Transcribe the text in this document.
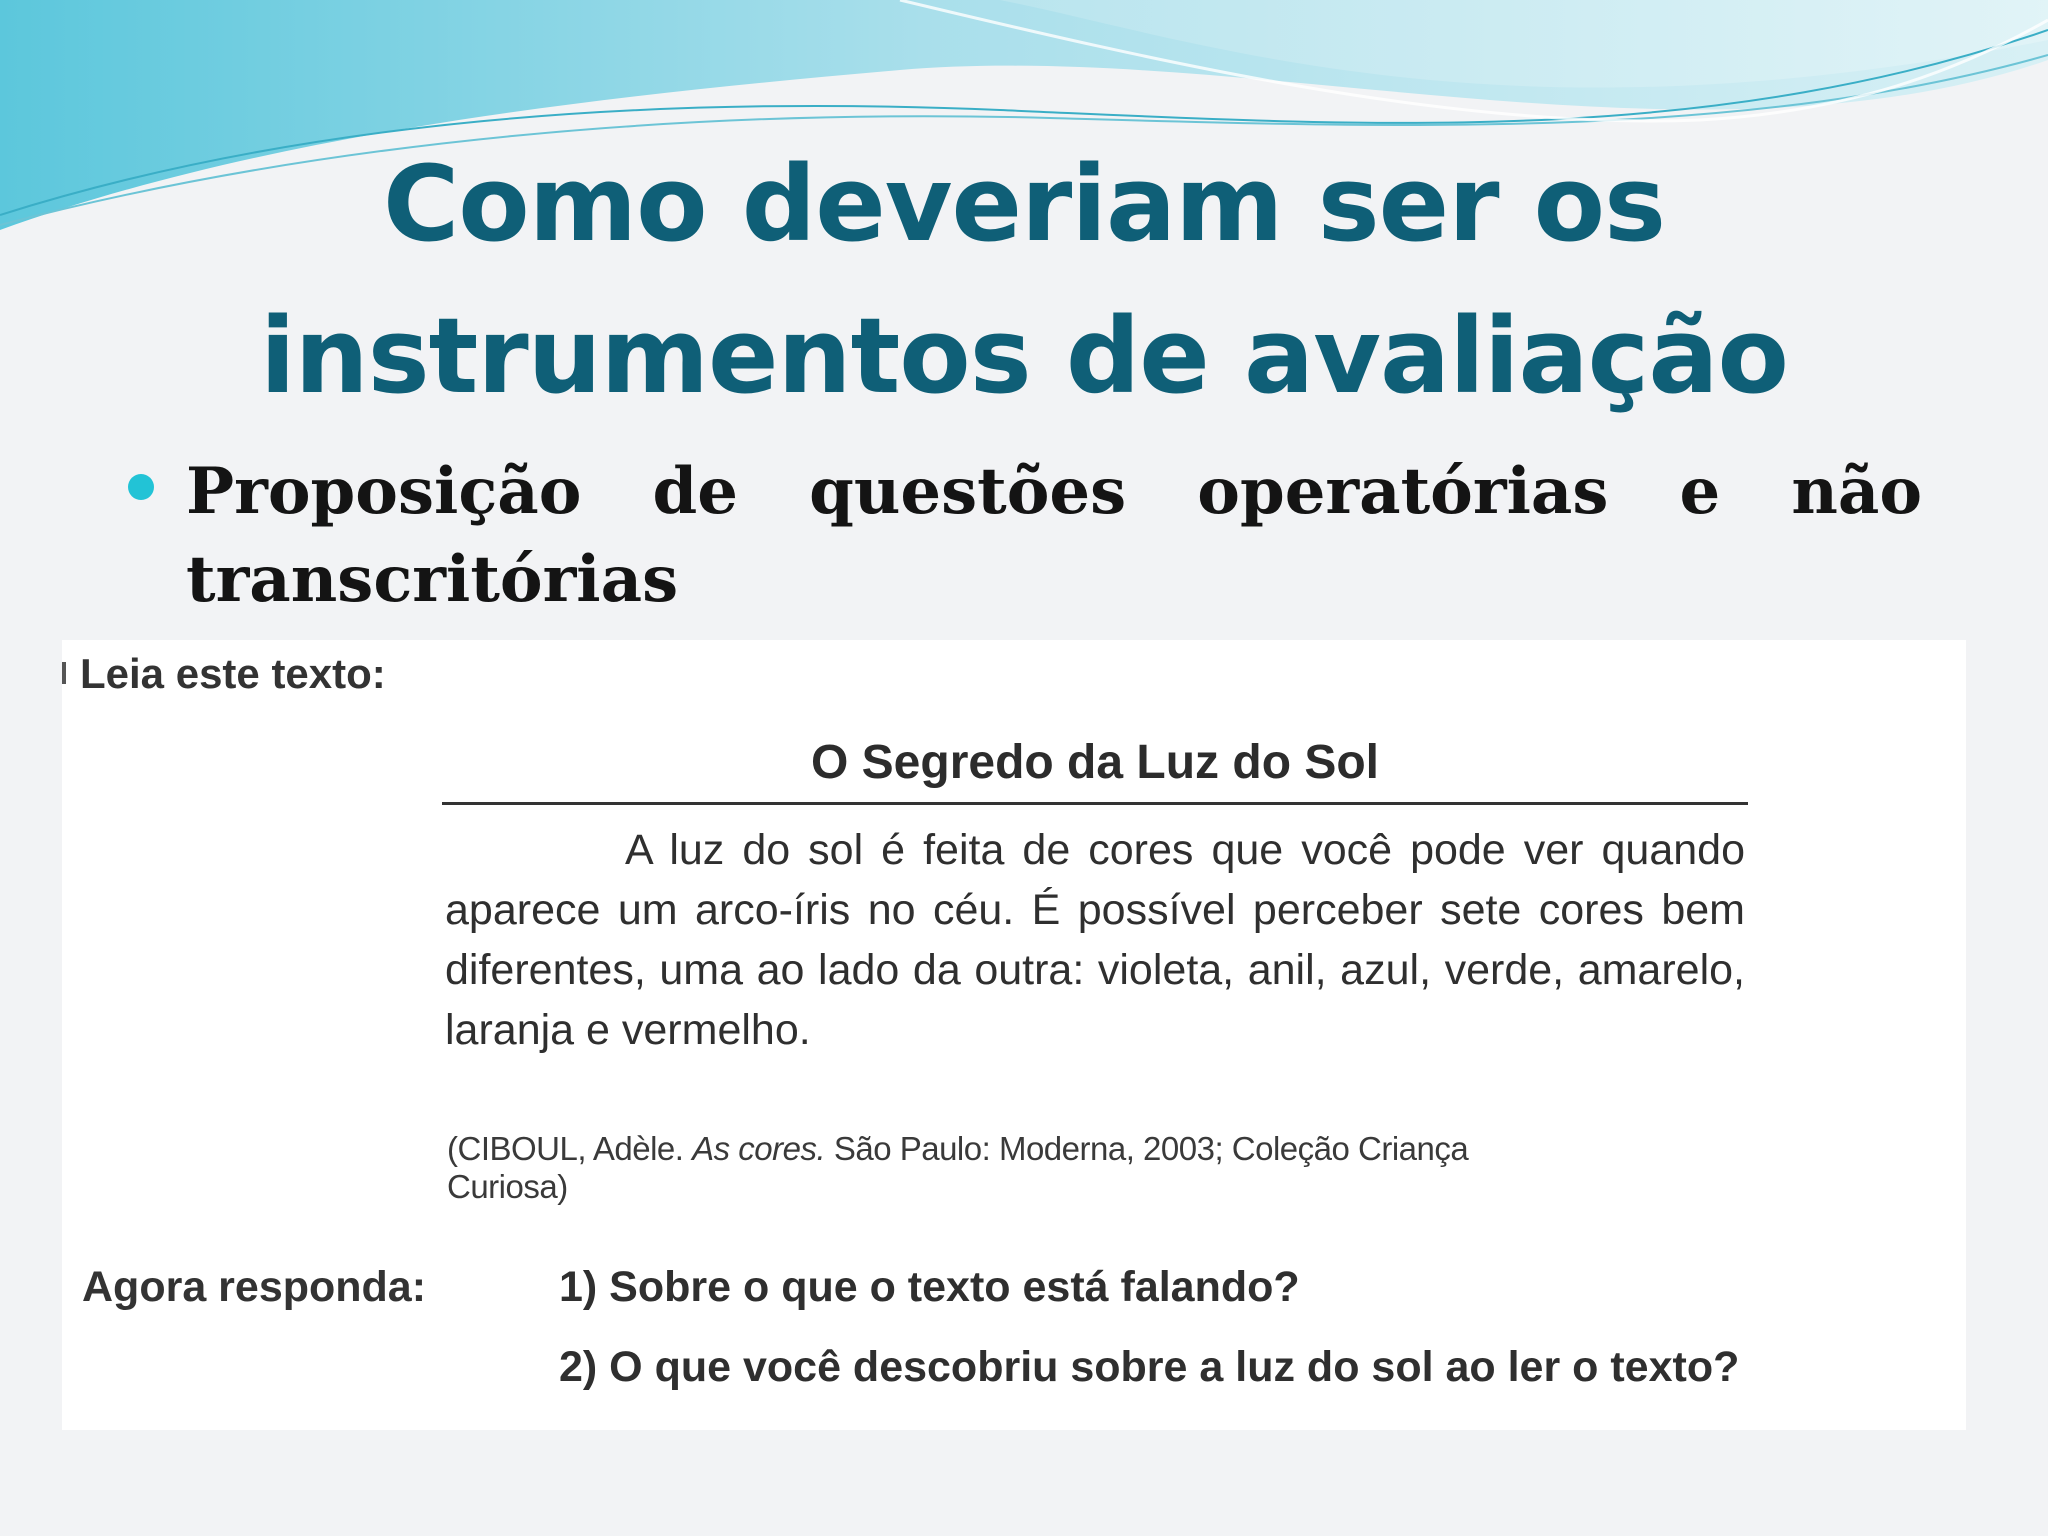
Como deveriam ser os
instrumentos de avaliação

Proposição de questões operatórias e não transcritórias

Leia este texto:

O Segredo da Luz do Sol

A luz do sol é feita de cores que você pode ver quando aparece um arco-íris no céu. É possível perceber sete cores bem diferentes, uma ao lado da outra: violeta, anil, azul, verde, amarelo, laranja e vermelho.

(CIBOUL, Adèle. As cores. São Paulo: Moderna, 2003; Coleção Criança Curiosa)

Agora responda:	1) Sobre o que o texto está falando?

2) O que você descobriu sobre a luz do sol ao ler o texto?
